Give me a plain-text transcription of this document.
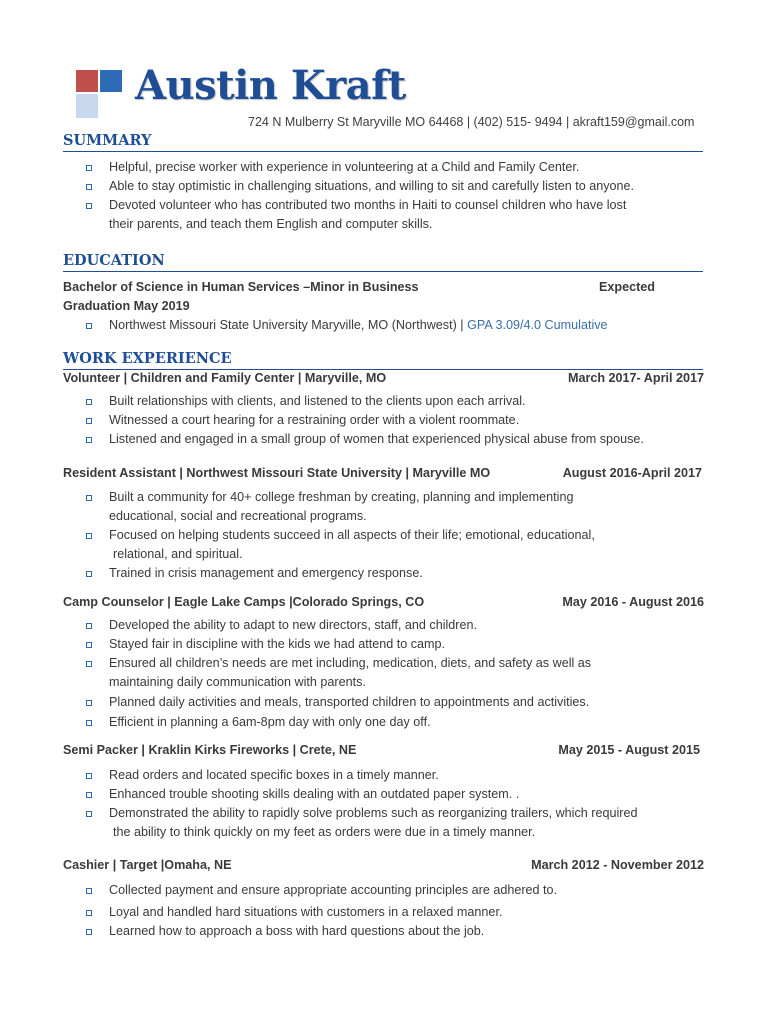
Austin Kraft
724 N Mulberry St Maryville MO 64468 | (402) 515- 9494 | akraft159@gmail.com
SUMMARY
Helpful, precise worker with experience in volunteering at a Child and Family Center.
Able to stay optimistic in challenging situations, and willing to sit and carefully listen to anyone.
Devoted volunteer who has contributed two months in Haiti to counsel children who have lost
their parents, and teach them English and computer skills.
EDUCATION
Bachelor of Science in Human Services –Minor in Business	Expected
Graduation May 2019
Northwest Missouri State University Maryville, MO (Northwest) | GPA 3.09/4.0 Cumulative
WORK EXPERIENCE
Volunteer | Children and Family Center | Maryville, MO	March 2017- April 2017
Built relationships with clients, and listened to the clients upon each arrival.
Witnessed a court hearing for a restraining order with a violent roommate.
Listened and engaged in a small group of women that experienced physical abuse from spouse.
Resident Assistant | Northwest Missouri State University | Maryville MO	August 2016-April 2017
Built a community for 40+ college freshman by creating, planning and implementing
educational, social and recreational programs.
Focused on helping students succeed in all aspects of their life; emotional, educational,
relational, and spiritual.
Trained in crisis management and emergency response.
Camp Counselor | Eagle Lake Camps |Colorado Springs, CO	May 2016 - August 2016
Developed the ability to adapt to new directors, staff, and children.
Stayed fair in discipline with the kids we had attend to camp.
Ensured all children’s needs are met including, medication, diets, and safety as well as
maintaining daily communication with parents.
Planned daily activities and meals, transported children to appointments and activities.
Efficient in planning a 6am-8pm day with only one day off.
Semi Packer | Kraklin Kirks Fireworks | Crete, NE	May 2015 - August 2015
Read orders and located specific boxes in a timely manner.
Enhanced trouble shooting skills dealing with an outdated paper system. .
Demonstrated the ability to rapidly solve problems such as reorganizing trailers, which required
the ability to think quickly on my feet as orders were due in a timely manner.
Cashier | Target |Omaha, NE	March 2012 - November 2012
Collected payment and ensure appropriate accounting principles are adhered to.
Loyal and handled hard situations with customers in a relaxed manner.
Learned how to approach a boss with hard questions about the job.
